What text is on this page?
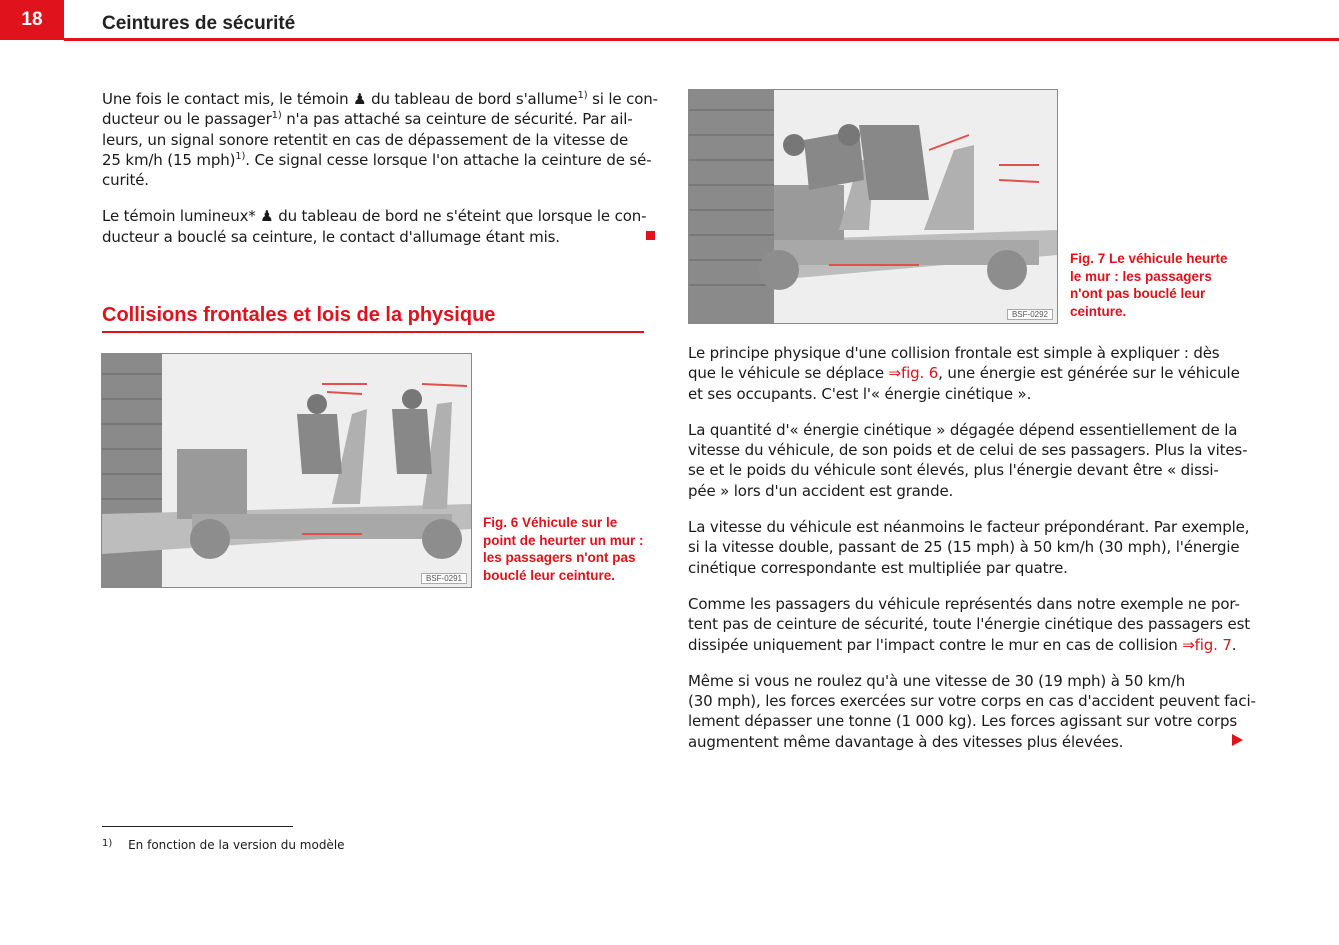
18	Ceintures de sécurité

Une fois le contact mis, le témoin ♟ du tableau de bord s'allume$^{1)}$ si le con-
ducteur ou le passager$^{1)}$ n'a pas attaché sa ceinture de sécurité. Par ail-
leurs, un signal sonore retentit en cas de dépassement de la vitesse de
25 km/h (15 mph)$^{1)}$. Ce signal cesse lorsque l'on attache la ceinture de sé-
curité.

Le témoin lumineux* ♟ du tableau de bord ne s'éteint que lorsque le con-
ducteur a bouclé sa ceinture, le contact d'allumage étant mis.

Collisions frontales et lois de la physique
BSF-0291
Fig. 6 Véhicule sur le
point de heurter un mur :
les passagers n'ont pas
bouclé leur ceinture.
BSF-0292
Fig. 7 Le véhicule heurte
le mur : les passagers
n'ont pas bouclé leur
ceinture.

Le principe physique d'une collision frontale est simple à expliquer : dès
que le véhicule se déplace ⇒fig. 6, une énergie est générée sur le véhicule
et ses occupants. C'est l'« énergie cinétique ».

La quantité d'« énergie cinétique » dégagée dépend essentiellement de la
vitesse du véhicule, de son poids et de celui de ses passagers. Plus la vites-
se et le poids du véhicule sont élevés, plus l'énergie devant être « dissi-
pée » lors d'un accident est grande.

La vitesse du véhicule est néanmoins le facteur prépondérant. Par exemple,
si la vitesse double, passant de 25 (15 mph) à 50 km/h (30 mph), l'énergie
cinétique correspondante est multipliée par quatre.

Comme les passagers du véhicule représentés dans notre exemple ne por-
tent pas de ceinture de sécurité, toute l'énergie cinétique des passagers est
dissipée uniquement par l'impact contre le mur en cas de collision ⇒fig. 7.

Même si vous ne roulez qu'à une vitesse de 30 (19 mph) à 50 km/h
(30 mph), les forces exercées sur votre corps en cas d'accident peuvent faci-
lement dépasser une tonne (1 000 kg). Les forces agissant sur votre corps
augmentent même davantage à des vitesses plus élevées.

$^{1)}$ En fonction de la version du modèle
